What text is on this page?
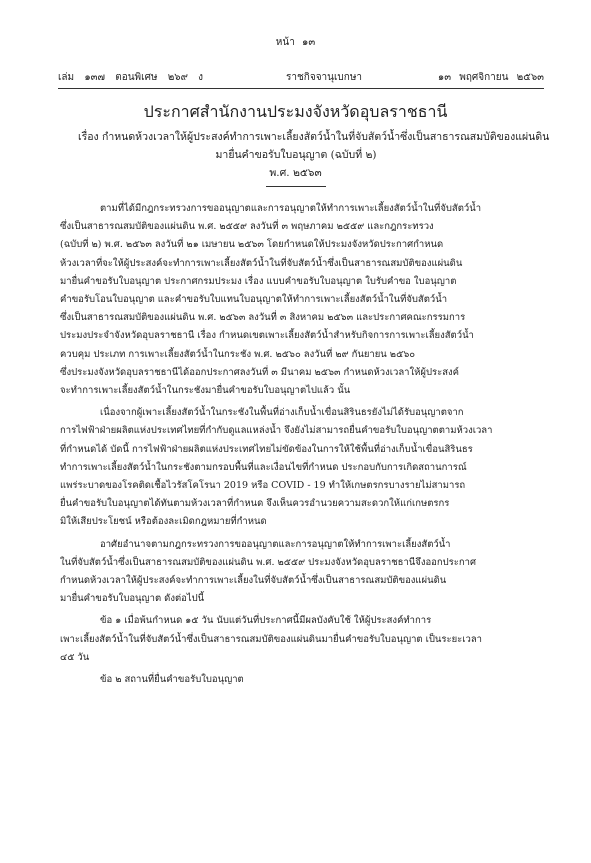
หน้า ๑๓
เล่ม ๑๓๗ ตอนพิเศษ ๒๖๙ ง	ราชกิจจานุเบกษา	๑๓ พฤศจิกายน ๒๕๖๓
ประกาศสำนักงานประมงจังหวัดอุบลราชธานี
เรื่อง กำหนดห้วงเวลาให้ผู้ประสงค์ทำการเพาะเลี้ยงสัตว์น้ำในที่จับสัตว์น้ำซึ่งเป็นสาธารณสมบัติของแผ่นดิน
มายื่นคำขอรับใบอนุญาต (ฉบับที่ ๒)
พ.ศ. ๒๕๖๓
ตามที่ได้มีกฎกระทรวงการขออนุญาตและการอนุญาตให้ทำการเพาะเลี้ยงสัตว์น้ำในที่จับสัตว์น้ำ
ซึ่งเป็นสาธารณสมบัติของแผ่นดิน พ.ศ. ๒๕๕๙ ลงวันที่ ๓ พฤษภาคม ๒๕๕๙ และกฎกระทรวง
(ฉบับที่ ๒) พ.ศ. ๒๕๖๓ ลงวันที่ ๒๑ เมษายน ๒๕๖๓ โดยกำหนดให้ประมงจังหวัดประกาศกำหนด
ห้วงเวลาที่จะให้ผู้ประสงค์จะทำการเพาะเลี้ยงสัตว์น้ำในที่จับสัตว์น้ำซึ่งเป็นสาธารณสมบัติของแผ่นดิน
มายื่นคำขอรับใบอนุญาต ประกาศกรมประมง เรื่อง แบบคำขอรับใบอนุญาต ใบรับคำขอ ใบอนุญาต
คำขอรับโอนใบอนุญาต และคำขอรับใบแทนใบอนุญาตให้ทำการเพาะเลี้ยงสัตว์น้ำในที่จับสัตว์น้ำ
ซึ่งเป็นสาธารณสมบัติของแผ่นดิน พ.ศ. ๒๕๖๓ ลงวันที่ ๓ สิงหาคม ๒๕๖๓ และประกาศคณะกรรมการ
ประมงประจำจังหวัดอุบลราชธานี เรื่อง กำหนดเขตเพาะเลี้ยงสัตว์น้ำสำหรับกิจการการเพาะเลี้ยงสัตว์น้ำ
ควบคุม ประเภท การเพาะเลี้ยงสัตว์น้ำในกระชัง พ.ศ. ๒๕๖๐ ลงวันที่ ๒๙ กันยายน ๒๕๖๐
ซึ่งประมงจังหวัดอุบลราชธานีได้ออกประกาศลงวันที่ ๓ มีนาคม ๒๕๖๓ กำหนดห้วงเวลาให้ผู้ประสงค์
จะทำการเพาะเลี้ยงสัตว์น้ำในกระชังมายื่นคำขอรับใบอนุญาตไปแล้ว นั้น
เนื่องจากผู้เพาะเลี้ยงสัตว์น้ำในกระชังในพื้นที่อ่างเก็บน้ำเขื่อนสิรินธรยังไม่ได้รับอนุญาตจาก
การไฟฟ้าฝ่ายผลิตแห่งประเทศไทยที่กำกับดูแลแหล่งน้ำ จึงยังไม่สามารถยื่นคำขอรับใบอนุญาตตามห้วงเวลา
ที่กำหนดได้ บัดนี้ การไฟฟ้าฝ่ายผลิตแห่งประเทศไทยไม่ขัดข้องในการให้ใช้พื้นที่อ่างเก็บน้ำเขื่อนสิรินธร
ทำการเพาะเลี้ยงสัตว์น้ำในกระชังตามกรอบพื้นที่และเงื่อนไขที่กำหนด ประกอบกับการเกิดสถานการณ์
แพร่ระบาดของโรคติดเชื้อไวรัสโคโรนา 2019 หรือ COVID - 19 ทำให้เกษตรกรบางรายไม่สามารถ
ยื่นคำขอรับใบอนุญาตได้ทันตามห้วงเวลาที่กำหนด จึงเห็นควรอำนวยความสะดวกให้แก่เกษตรกร
มิให้เสียประโยชน์ หรือต้องละเมิดกฎหมายที่กำหนด
อาศัยอำนาจตามกฎกระทรวงการขออนุญาตและการอนุญาตให้ทำการเพาะเลี้ยงสัตว์น้ำ
ในที่จับสัตว์น้ำซึ่งเป็นสาธารณสมบัติของแผ่นดิน พ.ศ. ๒๕๕๙ ประมงจังหวัดอุบลราชธานีจึงออกประกาศ
กำหนดห้วงเวลาให้ผู้ประสงค์จะทำการเพาะเลี้ยงในที่จับสัตว์น้ำซึ่งเป็นสาธารณสมบัติของแผ่นดิน
มายื่นคำขอรับใบอนุญาต ดังต่อไปนี้
ข้อ ๑ เมื่อพ้นกำหนด ๑๕ วัน นับแต่วันที่ประกาศนี้มีผลบังคับใช้ ให้ผู้ประสงค์ทำการ
เพาะเลี้ยงสัตว์น้ำในที่จับสัตว์น้ำซึ่งเป็นสาธารณสมบัติของแผ่นดินมายื่นคำขอรับใบอนุญาต เป็นระยะเวลา
๔๕ วัน
ข้อ ๒ สถานที่ยื่นคำขอรับใบอนุญาต
